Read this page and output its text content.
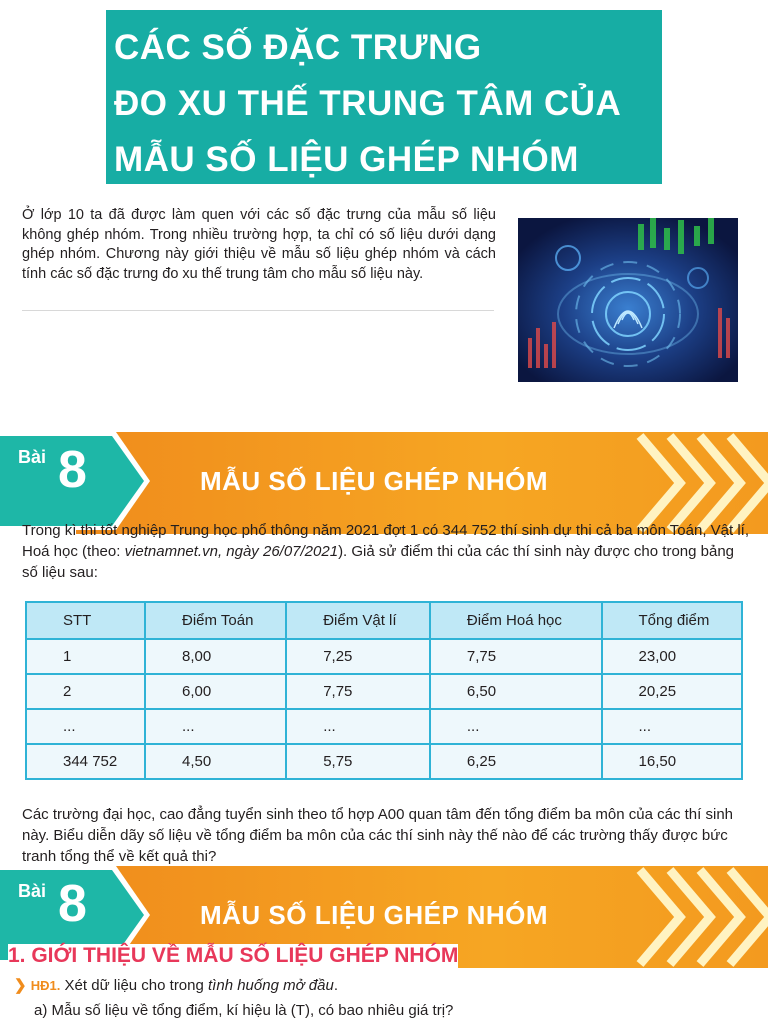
CÁC SỐ ĐẶC TRƯNG
ĐO XU THẾ TRUNG TÂM CỦA
MẪU SỐ LIỆU GHÉP NHÓM
Ở lớp 10 ta đã được làm quen với các số đặc trưng của mẫu số liệu không ghép nhóm. Trong nhiều trường hợp, ta chỉ có số liệu dưới dạng ghép nhóm. Chương này giới thiệu về mẫu số liệu ghép nhóm và cách tính các số đặc trưng đo xu thế trung tâm cho mẫu số liệu này.
Bài 8	MẪU SỐ LIỆU GHÉP NHÓM
Trong kì thi tốt nghiệp Trung học phổ thông năm 2021 đợt 1 có 344 752 thí sinh dự thi cả ba môn Toán, Vật lí, Hoá học (theo: vietnamnet.vn, ngày 26/07/2021). Giả sử điểm thi của các thí sinh này được cho trong bảng số liệu sau:
STT	Điểm Toán	Điểm Vật lí	Điểm Hoá học	Tổng điểm
1	8,00	7,25	7,75	23,00
2	6,00	7,75	6,50	20,25
...	...	...	...	...
344 752	4,50	5,75	6,25	16,50
Các trường đại học, cao đẳng tuyển sinh theo tổ hợp A00 quan tâm đến tổng điểm ba môn của các thí sinh này. Biểu diễn dãy số liệu về tổng điểm ba môn của các thí sinh này thế nào để các trường thấy được bức tranh tổng thể về kết quả thi?
Bài 8	MẪU SỐ LIỆU GHÉP NHÓM
1. GIỚI THIỆU VỀ MẪU SỐ LIỆU GHÉP NHÓM
❯ HĐ1. Xét dữ liệu cho trong tình huống mở đầu.
a) Mẫu số liệu về tổng điểm, kí hiệu là (T), có bao nhiêu giá trị?
